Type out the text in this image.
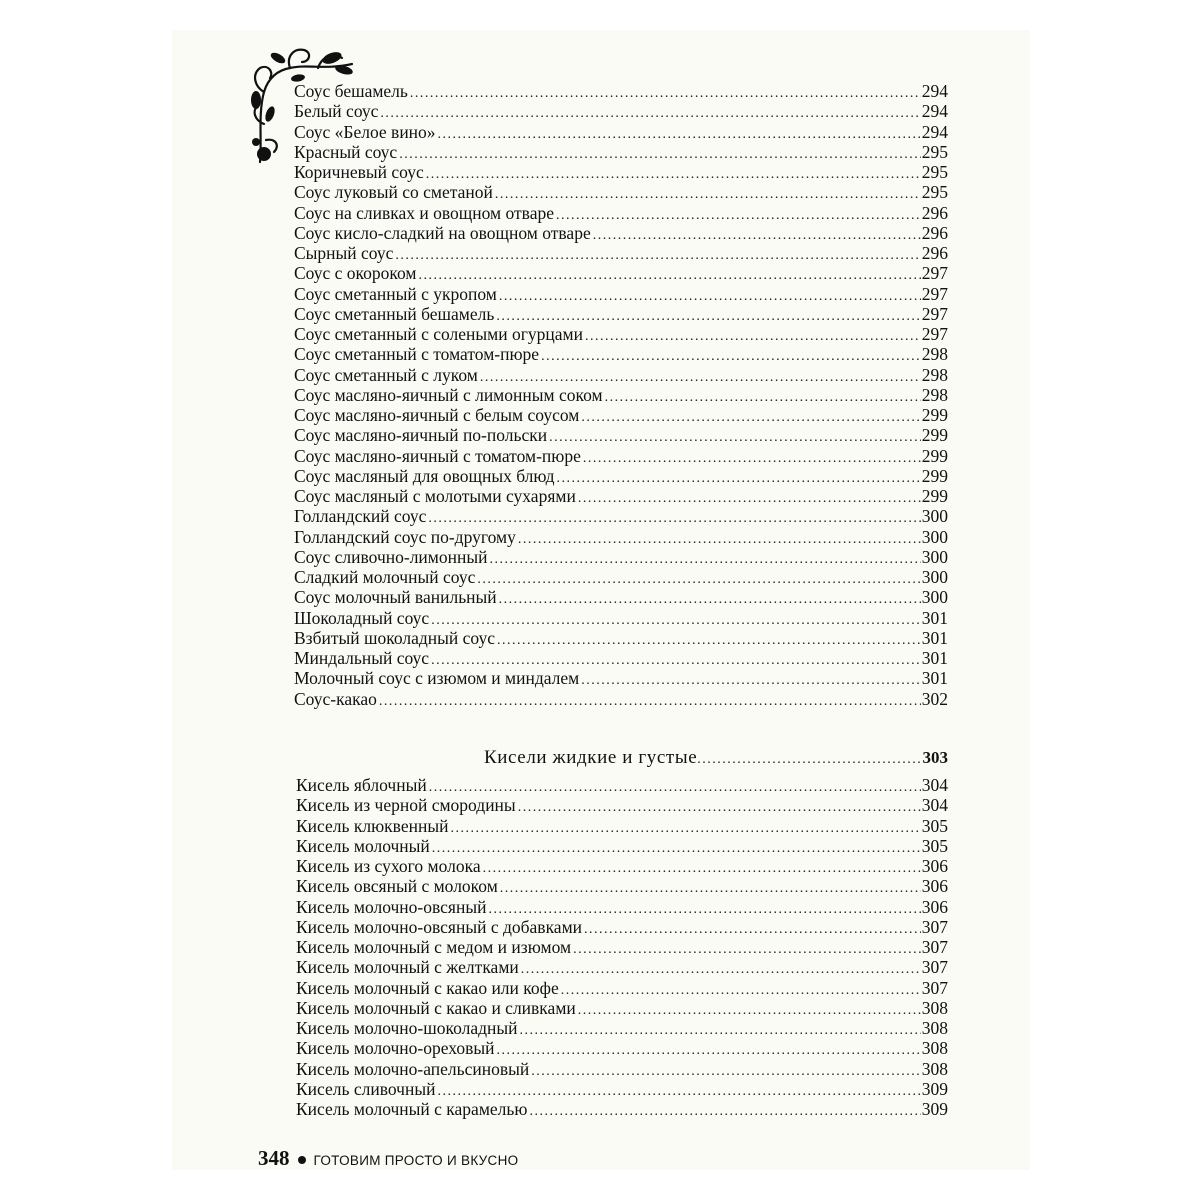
Соус бешамель .....	294
Белый соус .....	294
Соус «Белое вино» .....	294
Красный соус .....	295
Коричневый соус .....	295
Соус луковый со сметаной .....	295
Соус на сливках и овощном отваре .....	296
Соус кисло-сладкий на овощном отваре .....	296
Сырный соус .....	296
Соус с окороком .....	297
Соус сметанный с укропом .....	297
Соус сметанный бешамель .....	297
Соус сметанный с солеными огурцами .....	297
Соус сметанный с томатом-пюре .....	298
Соус сметанный с луком .....	298
Соус масляно-яичный с лимонным соком .....	298
Соус масляно-яичный с белым соусом .....	299
Соус масляно-яичный по-польски .....	299
Соус масляно-яичный с томатом-пюре .....	299
Соус масляный для овощных блюд .....	299
Соус масляный с молотыми сухарями .....	299
Голландский соус .....	300
Голландский соус по-другому .....	300
Соус сливочно-лимонный .....	300
Сладкий молочный соус .....	300
Соус молочный ванильный .....	300
Шоколадный соус .....	301
Взбитый шоколадный соус .....	301
Миндальный соус .....	301
Молочный соус с изюмом и миндалем .....	301
Соус-какао .....	302
Кисели жидкие и густые .....	303
Кисель яблочный .....	304
Кисель из черной смородины .....	304
Кисель клюквенный .....	305
Кисель молочный .....	305
Кисель из сухого молока .....	306
Кисель овсяный с молоком .....	306
Кисель молочно-овсяный .....	306
Кисель молочно-овсяный с добавками .....	307
Кисель молочный с медом и изюмом .....	307
Кисель молочный с желтками .....	307
Кисель молочный с какао или кофе .....	307
Кисель молочный с какао и сливками .....	308
Кисель молочно-шоколадный .....	308
Кисель молочно-ореховый .....	308
Кисель молочно-апельсиновый .....	308
Кисель сливочный .....	309
Кисель молочный с карамелью .....	309
348 ГОТОВИМ ПРОСТО И ВКУСНО
